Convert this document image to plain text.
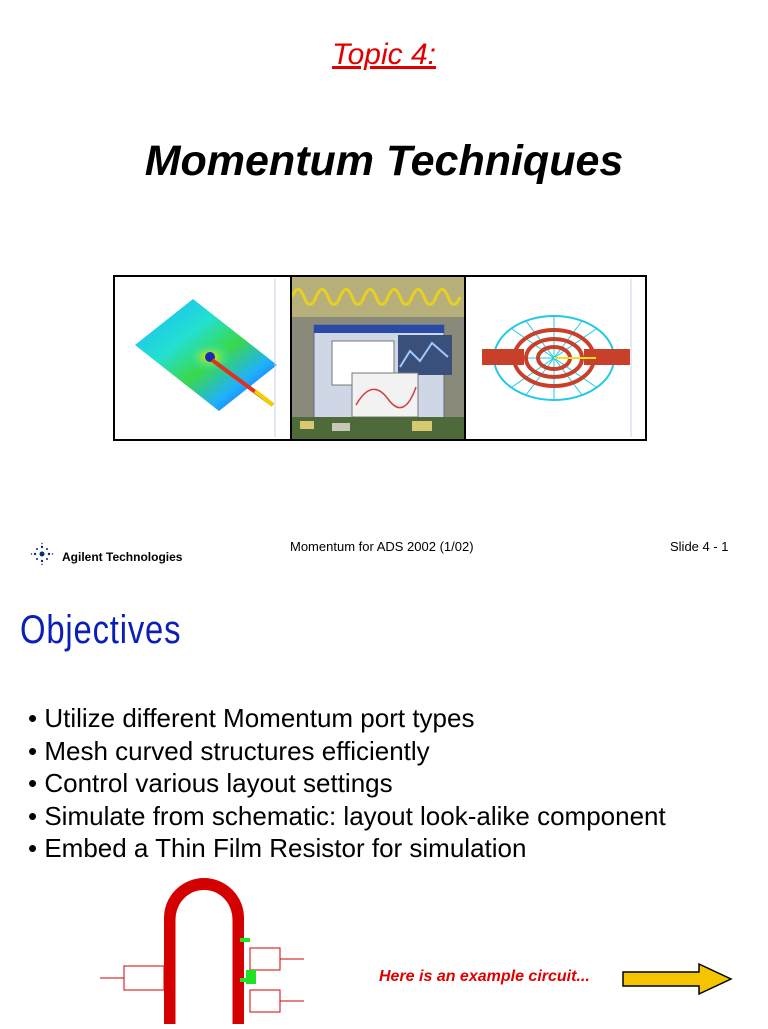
Topic 4:
Momentum Techniques
Agilent Technologies
Momentum for ADS 2002 (1/02)	Slide 4 - 1
Objectives
• Utilize different Momentum port types
• Mesh curved structures efficiently
• Control various layout settings
• Simulate from schematic: layout look-alike component
• Embed a Thin Film Resistor for simulation
Here is an example circuit...
